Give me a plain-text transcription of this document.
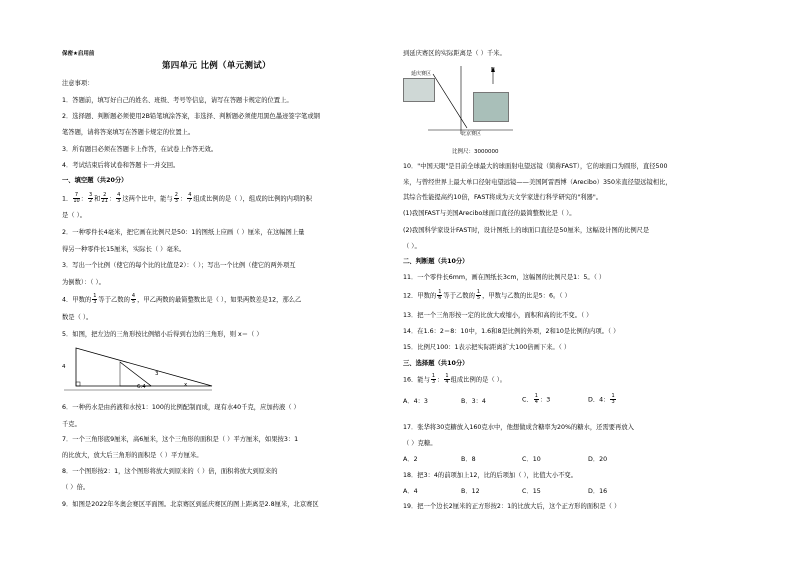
保密★启用前
第四单元 比例（单元测试）
注意事项：
1．答题前，填写好自己的姓名、班级、考号等信息，请写在答题卡规定的位置上。
2．选择题、判断题必须使用2B铅笔填涂答案，非选择、判断题必须使用黑色墨迹签字笔或钢
笔答题，请将答案填写在答题卡规定的位置上。
3．所有题目必须在答题卡上作答，在试卷上作答无效。
4．考试结束后将试卷和答题卡一并交回。
一、填空题（共20分）
1． $\frac{7}{10}$ ： $\frac{3}{2}$ 和 $\frac{2}{21}$ ： $\frac{4}{3}$ 这两个比中，能与 $\frac{2}{3}$ ： $\frac{4}{7}$ 组成比例的是（ ），组成的比例的内项的积
是（ ）。
2．一种零件长4毫米，把它画在比例尺是50：1的图纸上应画（ ）厘米，在这幅图上量
得另一种零件长15厘米，实际长（ ）毫米。
3．写出一个比例（使它的每个比的比值是2）：（ ）；写出一个比例（使它的两外项互
为倒数）：（ ）。
4．甲数的 $\frac{1}{3}$ 等于乙数的 $\frac{4}{5}$ ，甲乙两数的最简整数比是（ ），如果两数差是12，那么乙
数是（ ）。
5．如图，把左边的三角形按比例缩小后得到右边的三角形，则 x＝（ ）
4
6.4
3
x
6．一种药水是由药液和水按1：100的比例配制而成，现有水40千克，应加药液（ ）
千克。
7．一个三角形底9厘米，高6厘米，这个三角形的面积是（ ）平方厘米，如果按3：1
的比放大，放大后三角形的面积是（ ）平方厘米。
8．一个图形按2：1，这个图形将放大到原来的（ ）倍，面积将放大到原来的
（ ）倍。
9．如图是2022年冬奥会赛区平面图。北京赛区到延庆赛区的图上距离是2.8厘米，北京赛区
到延庆赛区的实际距离是（ ）千米。
延庆赛区
北京赛区
N
比例尺：3000000
10．"中国天眼"是目前全球最大的球面射电望远镜（简称FAST），它的球面口为圆形，直径500
米，与曾经世界上最大单口径射电望远镜——美国阿雷西博（Arecibo）350米直径望远镜相比，
其综合性能提高约10倍，FAST将成为天文学家进行科学研究的"利器"。
(1)我国FAST与美国Arecibo球面口直径的最简整数比是（ ）。
(2)我国科学家设计FAST时，设计图纸上的球面口直径是50厘米，这幅设计图的比例尺是
（ ）。
二、判断题（共10分）
11．一个零件长6mm，画在图纸长3cm，这幅图的比例尺是1：5。（ ）
12．甲数的 $\frac{1}{6}$ 等于乙数的 $\frac{1}{5}$ ，甲数与乙数的比是5：6。（ ）
13．把一个三角形按一定的比放大或缩小，面积和高的比不变。（ ）
14．在1.6：2＝8：10中，1.6和8是比例的外项，2和10是比例的内项。（ ）
15．比例尺100：1表示把实际距离扩大100倍画下来。（ ）
三、选择题（共10分）
16．能与 $\frac{1}{3}$ ： $\frac{1}{4}$ 组成比例的是（ ）。
A．4：3	B．3：4	C． $\frac{1}{4}$ ：3	D．4： $\frac{1}{3}$
17．张华将30克糖放入160克水中，他想做成含糖率为20%的糖水，还需要再放入
（ ）克糖。
A．2	B．8	C．10	D．20
18．把3：4的前项加上12，比的后项加（ ），比值大小不变。
A．4	B．12	C．15	D．16
19．把一个边长2厘米的正方形按2：1的比放大后，这个正方形的面积是（ ）
